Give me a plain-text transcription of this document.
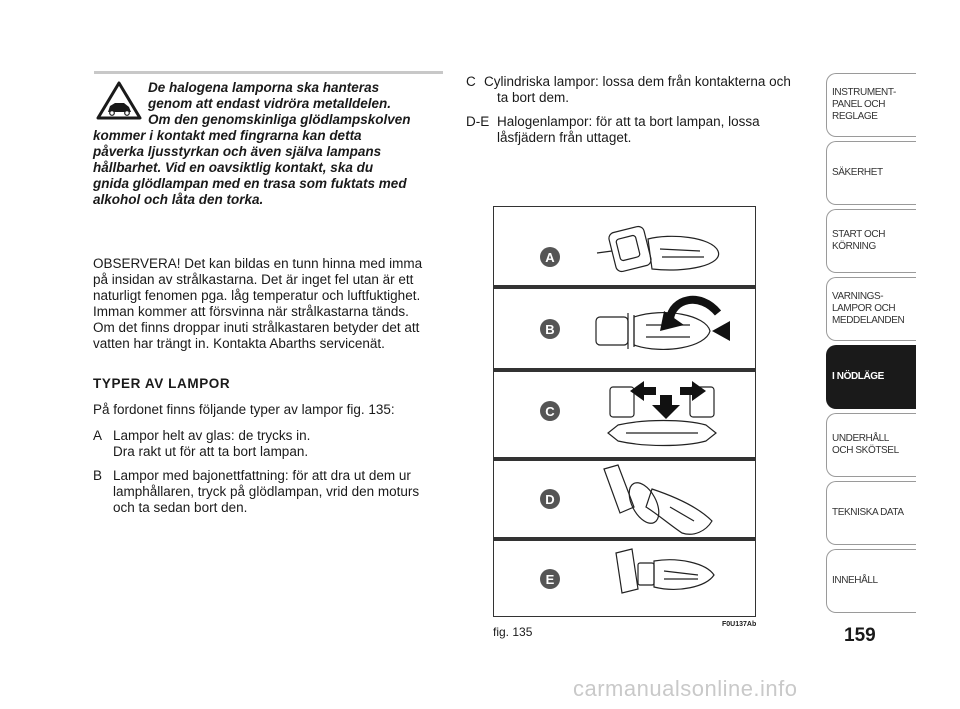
De halogena lamporna ska hanteras
genom att endast vidröra metalldelen.
Om den genomskinliga glödlampskolven
kommer i kontakt med fingrarna kan detta
påverka ljusstyrkan och även själva lampans
hållbarhet. Vid en oavsiktlig kontakt, ska du
gnida glödlampan med en trasa som fuktats med
alkohol och låta den torka.
OBSERVERA! Det kan bildas en tunn hinna med imma
på insidan av strålkastarna. Det är inget fel utan är ett
naturligt fenomen pga. låg temperatur och luftfuktighet.
Imman kommer att försvinna när strålkastarna tänds.
Om det finns droppar inuti strålkastaren betyder det att
vatten har trängt in. Kontakta Abarths servicenät.
TYPER AV LAMPOR
På fordonet finns följande typer av lampor fig. 135:
A Lampor helt av glas: de trycks in.
Dra rakt ut för att ta bort lampan.
B Lampor med bajonettfattning: för att dra ut dem ur
lamphållaren, tryck på glödlampan, vrid den moturs
och ta sedan bort den.
C Cylindriska lampor: lossa dem från kontakterna och
ta bort dem.
D-E Halogenlampor: för att ta bort lampan, lossa
låsfjädern från uttaget.
A
B
C
D
E
fig. 135
F0U137Ab
INSTRUMENT-
PANEL OCH
REGLAGE
SÄKERHET
START OCH
KÖRNING
VARNINGS-
LAMPOR OCH
MEDDELANDEN
I NÖDLÄGE
UNDERHÅLL
OCH SKÖTSEL
TEKNISKA DATA
INNEHÅLL
159
carmanualsonline.info
